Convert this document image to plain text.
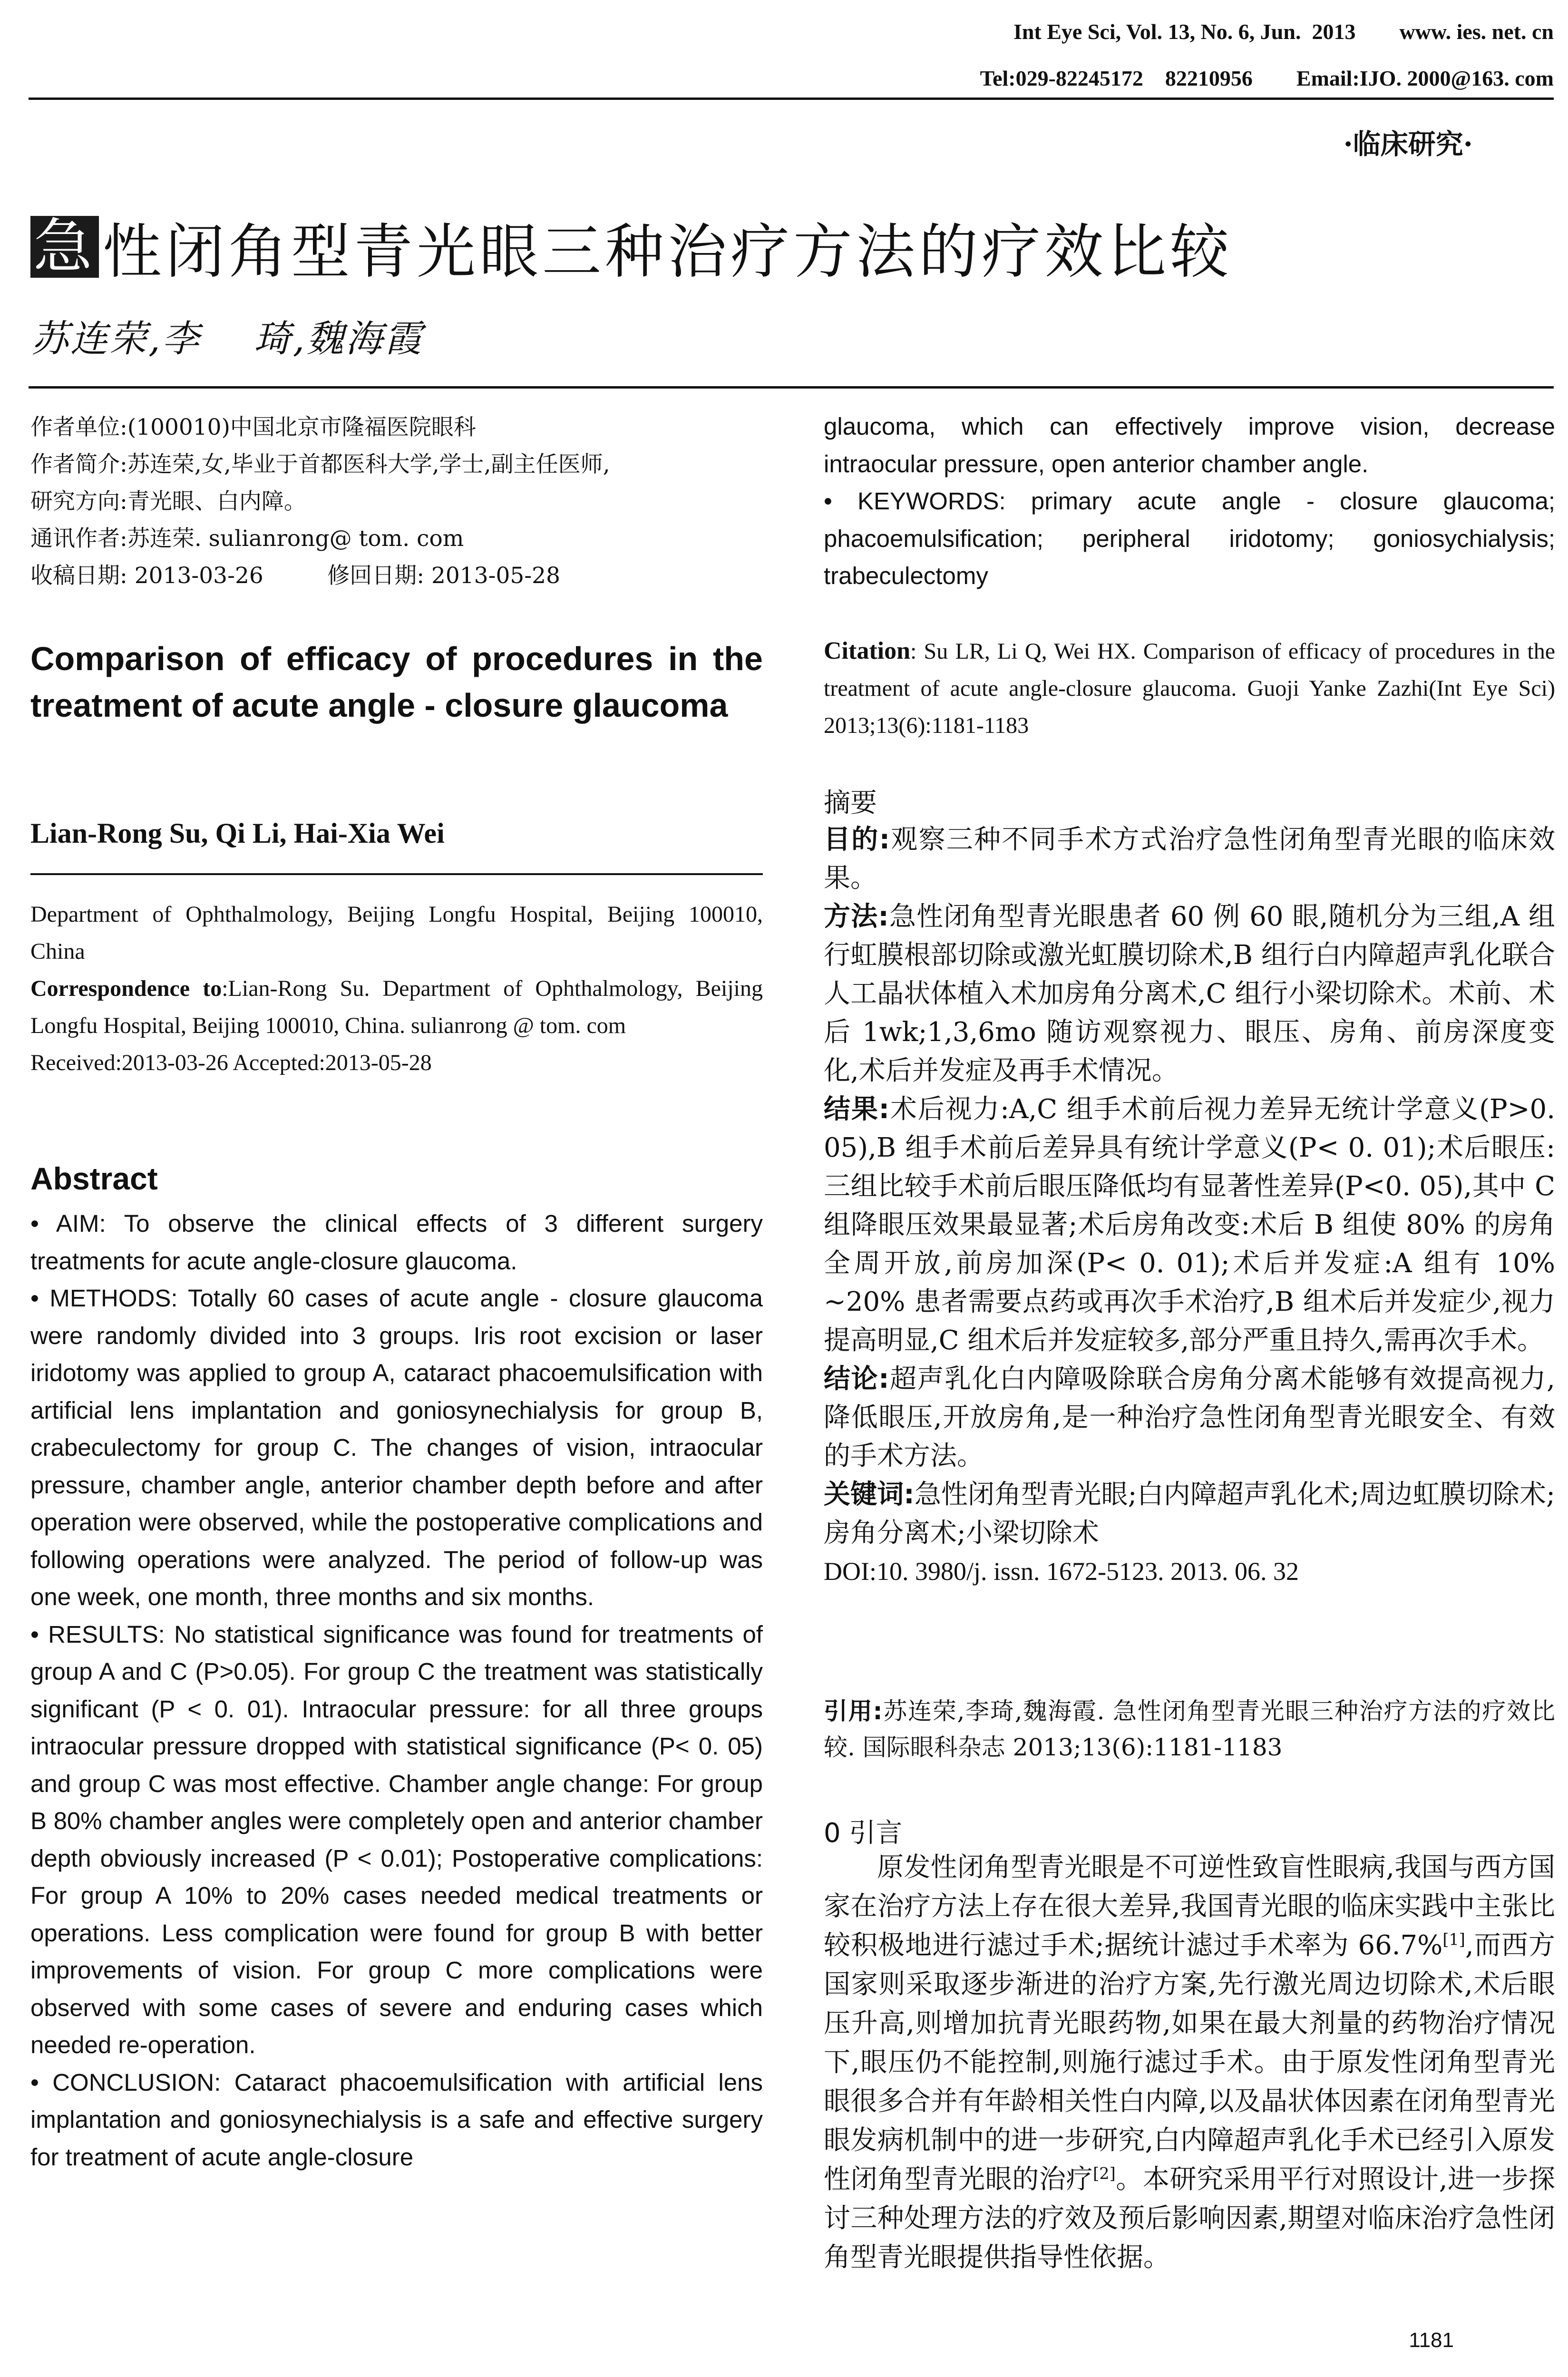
Int Eye Sci, Vol. 13, No. 6, Jun.  2013        www. ies. net. cn
Tel:029-82245172    82210956        Email:IJO. 2000@163. com
·临床研究·
急 性闭角型青光眼三种治疗方法的疗效比较
苏连荣,李　 琦,魏海霞
作者单位:(100010)中国北京市隆福医院眼科
作者简介:苏连荣,女,毕业于首都医科大学,学士,副主任医师,
研究方向:青光眼、白内障。
通讯作者:苏连荣. sulianrong@ tom. com
收稿日期: 2013-03-26         修回日期: 2013-05-28
Comparison of efficacy of procedures in the treatment of acute angle - closure glaucoma
Lian-Rong Su, Qi Li, Hai-Xia Wei

Department of Ophthalmology, Beijing Longfu Hospital, Beijing 100010, China

Correspondence to:Lian-Rong Su. Department of Ophthalmology, Beijing Longfu Hospital, Beijing 100010, China. sulianrong @ tom. com

Received:2013-03-26 Accepted:2013-05-28

Abstract

• AIM: To observe the clinical effects of 3 different surgery treatments for acute angle-closure glaucoma.

• METHODS: Totally 60 cases of acute angle - closure glaucoma were randomly divided into 3 groups. Iris root excision or laser iridotomy was applied to group A, cataract phacoemulsification with artificial lens implantation and goniosynechialysis for group B, crabeculectomy for group C. The changes of vision, intraocular pressure, chamber angle, anterior chamber depth before and after operation were observed, while the postoperative complications and following operations were analyzed. The period of follow-up was one week, one month, three months and six months.

• RESULTS: No statistical significance was found for treatments of group A and C (P>0.05). For group C the treatment was statistically significant (P < 0. 01). Intraocular pressure: for all three groups intraocular pressure dropped with statistical significance (P< 0. 05) and group C was most effective. Chamber angle change: For group B 80% chamber angles were completely open and anterior chamber depth obviously increased (P < 0.01); Postoperative complications: For group A 10% to 20% cases needed medical treatments or operations. Less complication were found for group B with better improvements of vision. For group C more complications were observed with some cases of severe and enduring cases which needed re-operation.

• CONCLUSION: Cataract phacoemulsification with artificial lens implantation and goniosynechialysis is a safe and effective surgery for treatment of acute angle-closure

glaucoma, which can effectively improve vision, decrease intraocular pressure, open anterior chamber angle.

• KEYWORDS: primary acute angle - closure glaucoma; phacoemulsification; peripheral iridotomy; goniosychialysis; trabeculectomy

Citation: Su LR, Li Q, Wei HX. Comparison of efficacy of procedures in the treatment of acute angle-closure glaucoma. Guoji Yanke Zazhi(Int Eye Sci) 2013;13(6):1181-1183

摘要

目的:观察三种不同手术方式治疗急性闭角型青光眼的临床效果。

方法:急性闭角型青光眼患者 60 例 60 眼,随机分为三组,A 组行虹膜根部切除或激光虹膜切除术,B 组行白内障超声乳化联合人工晶状体植入术加房角分离术,C 组行小梁切除术。术前、术后 1wk;1,3,6mo 随访观察视力、眼压、房角、前房深度变化,术后并发症及再手术情况。

结果:术后视力:A,C 组手术前后视力差异无统计学意义(P>0. 05),B 组手术前后差异具有统计学意义(P< 0. 01);术后眼压:三组比较手术前后眼压降低均有显著性差异(P<0. 05),其中 C 组降眼压效果最显著;术后房角改变:术后 B 组使 80% 的房角全周开放,前房加深(P< 0. 01);术后并发症:A 组有 10% ~20% 患者需要点药或再次手术治疗,B 组术后并发症少,视力提高明显,C 组术后并发症较多,部分严重且持久,需再次手术。

结论:超声乳化白内障吸除联合房角分离术能够有效提高视力,降低眼压,开放房角,是一种治疗急性闭角型青光眼安全、有效的手术方法。

关键词:急性闭角型青光眼;白内障超声乳化术;周边虹膜切除术;房角分离术;小梁切除术

DOI:10. 3980/j. issn. 1672-5123. 2013. 06. 32

引用:苏连荣,李琦,魏海霞. 急性闭角型青光眼三种治疗方法的疗效比较. 国际眼科杂志 2013;13(6):1181-1183

0 引言

原发性闭角型青光眼是不可逆性致盲性眼病,我国与西方国家在治疗方法上存在很大差异,我国青光眼的临床实践中主张比较积极地进行滤过手术;据统计滤过手术率为 66.7%[1],而西方国家则采取逐步渐进的治疗方案,先行激光周边切除术,术后眼压升高,则增加抗青光眼药物,如果在最大剂量的药物治疗情况下,眼压仍不能控制,则施行滤过手术。由于原发性闭角型青光眼很多合并有年龄相关性白内障,以及晶状体因素在闭角型青光眼发病机制中的进一步研究,白内障超声乳化手术已经引入原发性闭角型青光眼的治疗[2]。本研究采用平行对照设计,进一步探讨三种处理方法的疗效及预后影响因素,期望对临床治疗急性闭角型青光眼提供指导性依据。

1181
